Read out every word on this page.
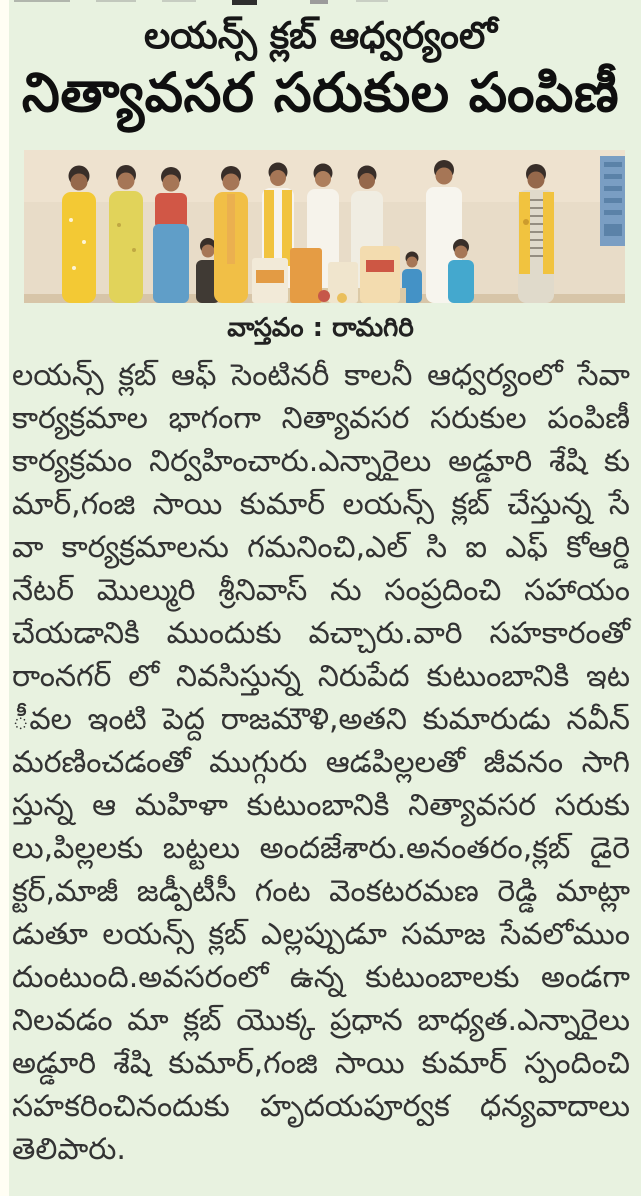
లయన్స్ క్లబ్ ఆధ్వర్యంలో
నిత్యావసర సరుకుల పంపిణీ
వాస్తవం : రామగిరి
లయన్స్ క్లబ్ ఆఫ్ సెంటినరీ కాలనీ ఆధ్వర్యంలో సేవా
కార్యక్రమాల భాగంగా నిత్యావసర సరుకుల పంపిణీ
కార్యక్రమం నిర్వహించారు.ఎన్నారైలు అడ్డూరి శేషి కు
మార్,గంజి సాయి కుమార్ లయన్స్ క్లబ్ చేస్తున్న సే
వా కార్యక్రమాలను గమనించి,ఎల్ సి ఐ ఎఫ్ కోఆర్డి
నేటర్ మొల్మురి శ్రీనివాస్ ను సంప్రదించి సహాయం
చేయడానికి ముందుకు వచ్చారు.వారి సహకారంతో
రాంనగర్ లో నివసిస్తున్న నిరుపేద కుటుంబానికి ఇట
ీవల ఇంటి పెద్ద రాజమౌళి,అతని కుమారుడు నవీన్
మరణించడంతో ముగ్గురు ఆడపిల్లలతో జీవనం సాగి
స్తున్న ఆ మహిళా కుటుంబానికి నిత్యావసర సరుకు
లు,పిల్లలకు బట్టలు అందజేశారు.అనంతరం,క్లబ్ డైరె
క్టర్,మాజీ జడ్పీటీసీ గంట వెంకటరమణ రెడ్డి మాట్లా
డుతూ లయన్స్ క్లబ్ ఎల్లప్పుడూ సమాజ సేవలోముం
దుంటుంది.అవసరంలో ఉన్న కుటుంబాలకు అండగా
నిలవడం మా క్లబ్ యొక్క ప్రధాన బాధ్యత.ఎన్నారైలు
అడ్డూరి శేషి కుమార్,గంజి సాయి కుమార్ స్పందించి
సహకరించినందుకు హృదయపూర్వక ధన్యవాదాలు
తెలిపారు.
